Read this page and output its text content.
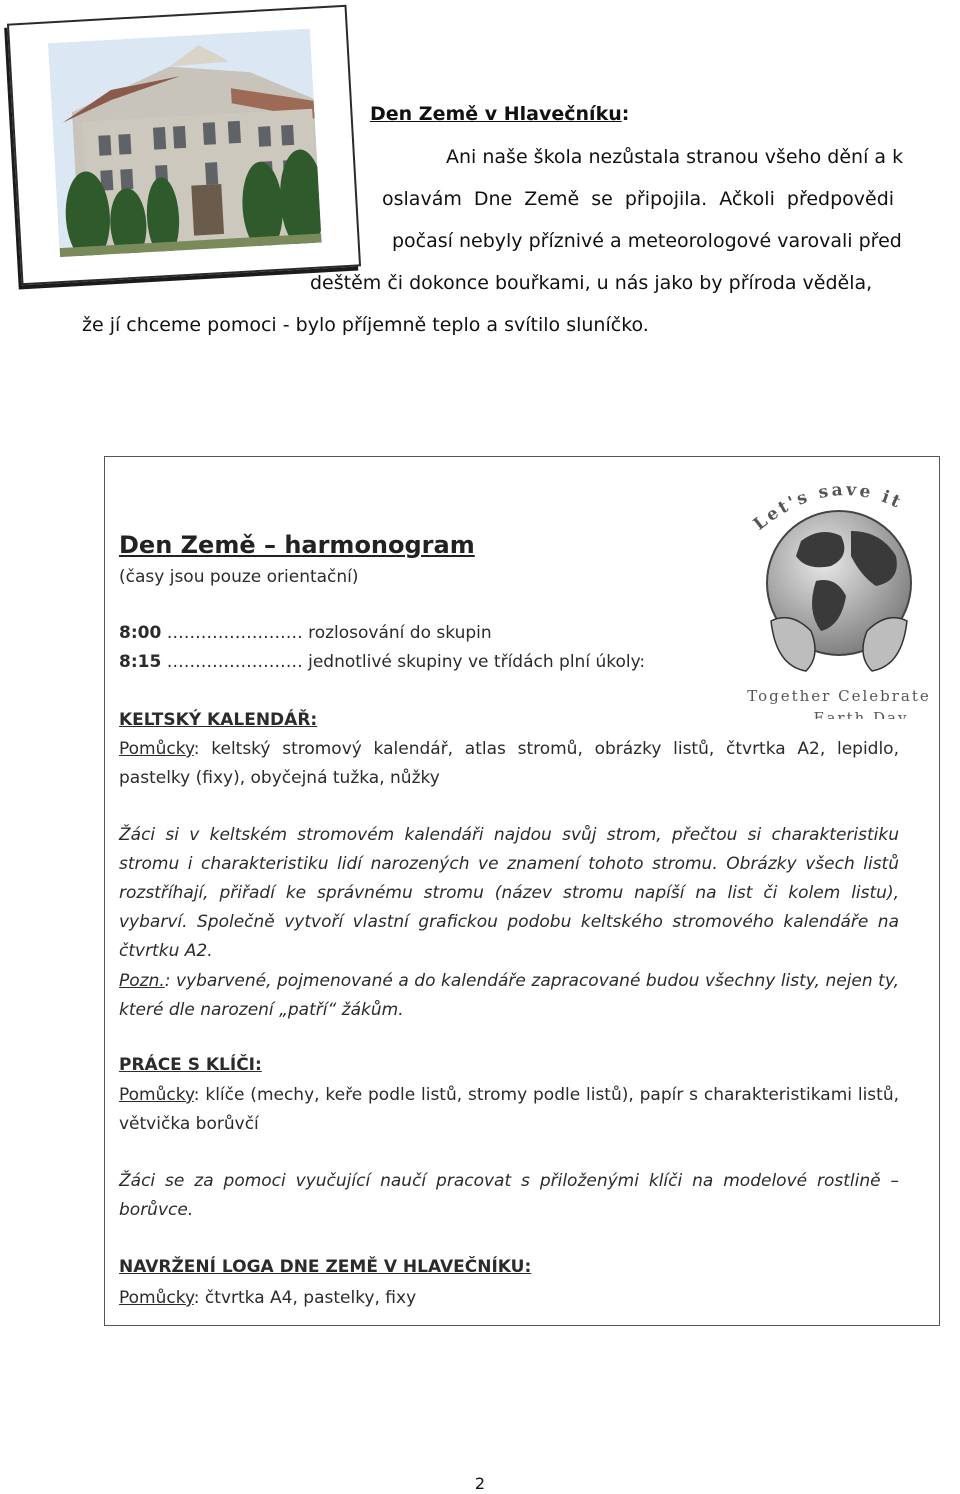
Den Země v Hlavečníku:
Ani naše škola nezůstala stranou všeho dění a k
oslavám Dne Země se připojila. Ačkoli předpovědi
počasí nebyly příznivé a meteorologové varovali před
deštěm či dokonce bouřkami, u nás jako by příroda věděla,
že jí chceme pomoci - bylo příjemně teplo a svítilo sluníčko.
Let's save it
Together Celebrate
Earth Day
Den Země – harmonogram
(časy jsou pouze orientační)
8:00 …………………… rozlosování do skupin
8:15 …………………… jednotlivé skupiny ve třídách plní úkoly:
KELTSKÝ KALENDÁŘ:
Pomůcky: keltský stromový kalendář, atlas stromů, obrázky listů, čtvrtka A2, lepidlo, pastelky (fixy), obyčejná tužka, nůžky
Žáci si v keltském stromovém kalendáři najdou svůj strom, přečtou si charakteristiku stromu i charakteristiku lidí narozených ve znamení tohoto stromu. Obrázky všech listů rozstříhají, přiřadí ke správnému stromu (název stromu napíší na list či kolem listu), vybarví. Společně vytvoří vlastní grafickou podobu keltského stromového kalendáře na čtvrtku A2.
Pozn.: vybarvené, pojmenované a do kalendáře zapracované budou všechny listy, nejen ty, které dle narození „patří“ žákům.
PRÁCE S KLÍČI:
Pomůcky: klíče (mechy, keře podle listů, stromy podle listů), papír s charakteristikami listů, větvička borůvčí
Žáci se za pomoci vyučující naučí pracovat s přiloženými klíči na modelové rostlině – borůvce.
NAVRŽENÍ LOGA DNE ZEMĚ V HLAVEČNÍKU:
Pomůcky: čtvrtka A4, pastelky, fixy
2
